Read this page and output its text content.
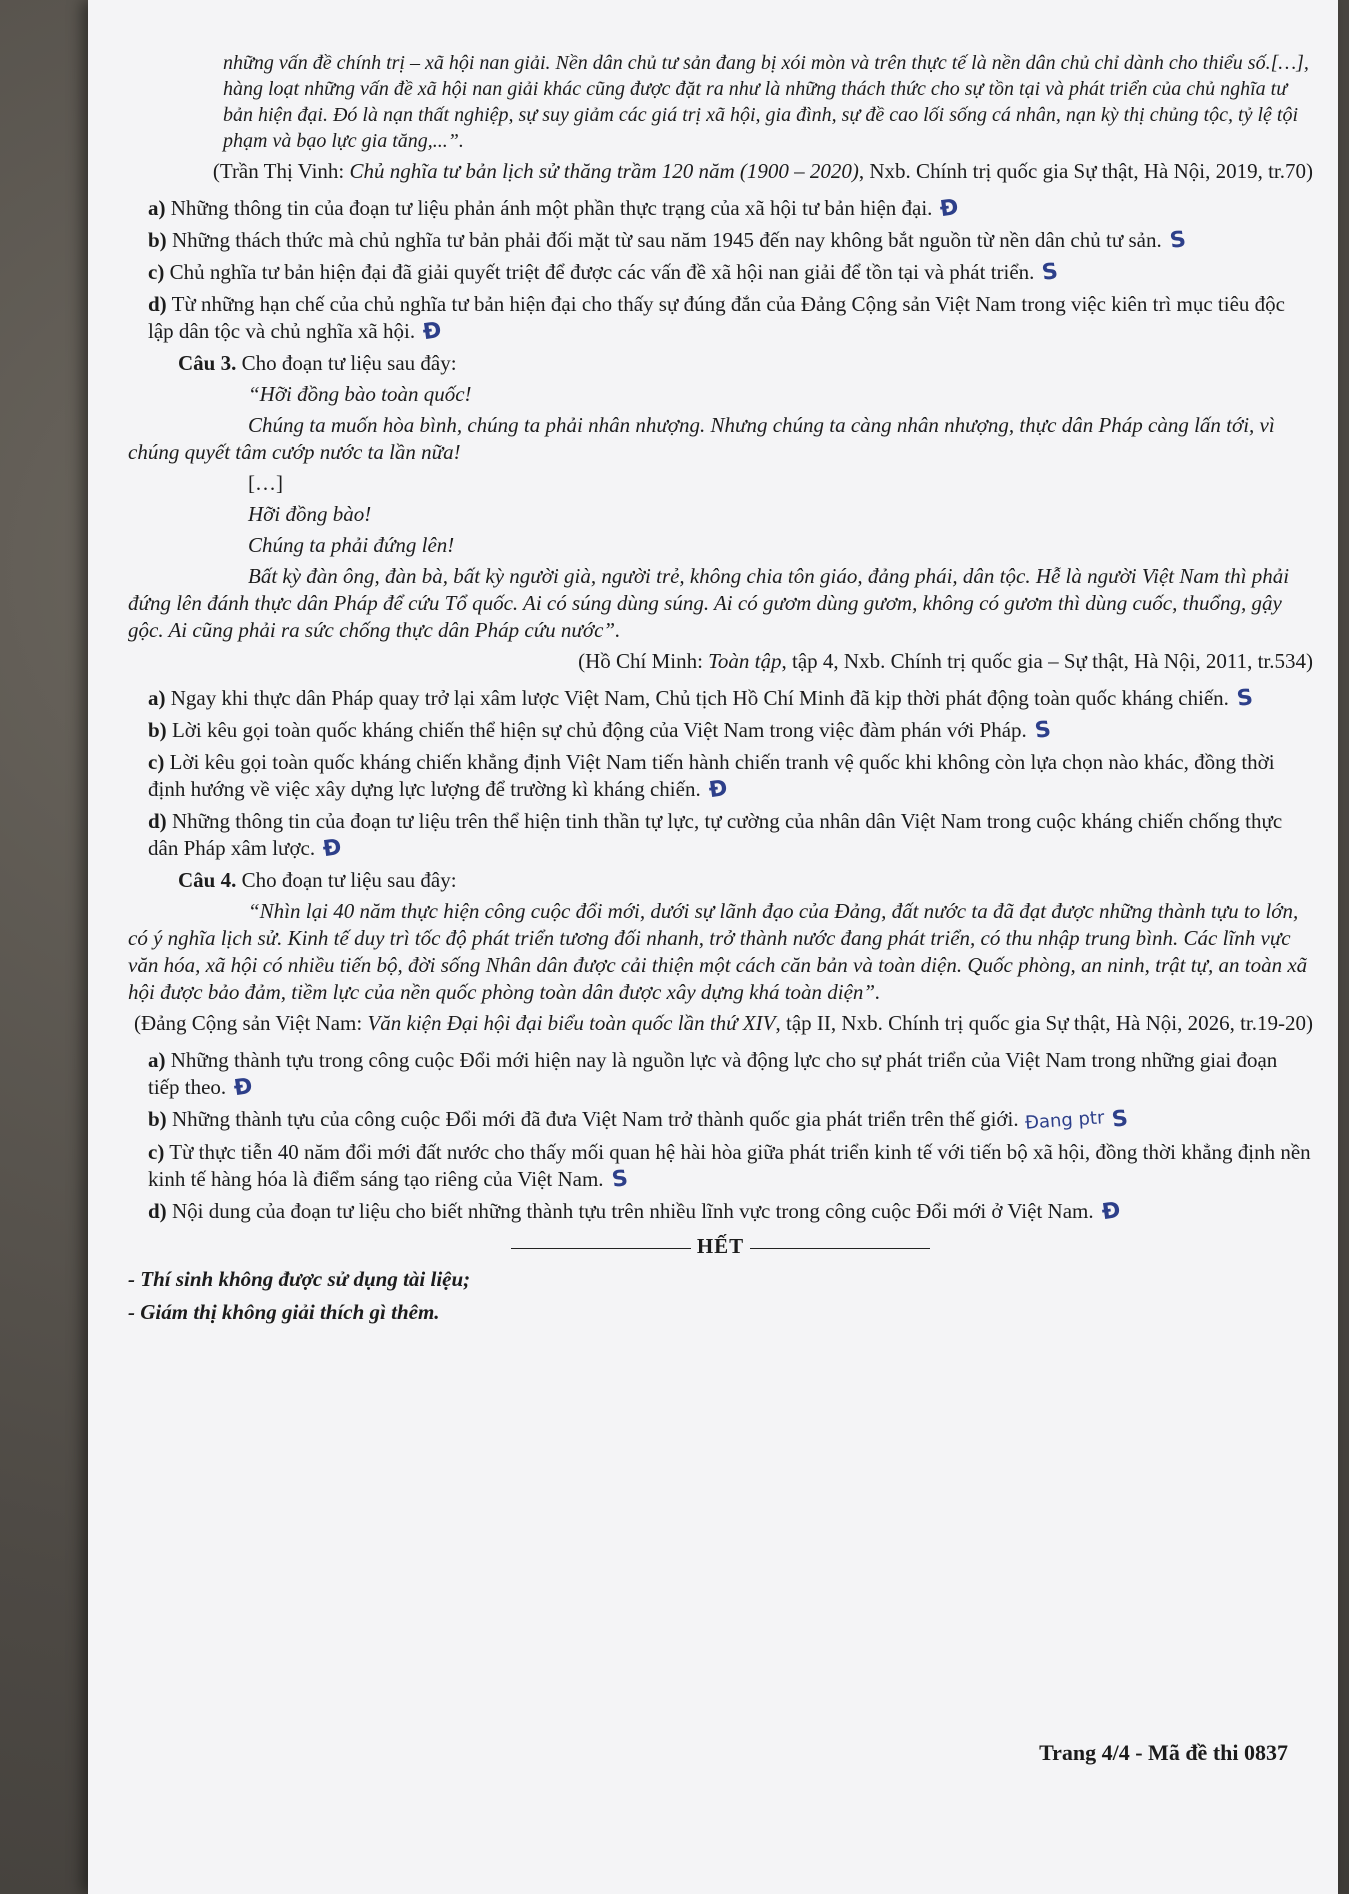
những vấn đề chính trị – xã hội nan giải. Nền dân chủ tư sản đang bị xói mòn và trên thực tế là nền dân chủ chỉ dành cho thiểu số.[…], hàng loạt những vấn đề xã hội nan giải khác cũng được đặt ra như là những thách thức cho sự tồn tại và phát triển của chủ nghĩa tư bản hiện đại. Đó là nạn thất nghiệp, sự suy giảm các giá trị xã hội, gia đình, sự đề cao lối sống cá nhân, nạn kỳ thị chủng tộc, tỷ lệ tội phạm và bạo lực gia tăng,...”.

(Trần Thị Vinh: Chủ nghĩa tư bản lịch sử thăng trầm 120 năm (1900 – 2020), Nxb. Chính trị quốc gia Sự thật, Hà Nội, 2019, tr.70)

a) Những thông tin của đoạn tư liệu phản ánh một phần thực trạng của xã hội tư bản hiện đại. Đ

b) Những thách thức mà chủ nghĩa tư bản phải đối mặt từ sau năm 1945 đến nay không bắt nguồn từ nền dân chủ tư sản. S

c) Chủ nghĩa tư bản hiện đại đã giải quyết triệt để được các vấn đề xã hội nan giải để tồn tại và phát triển. S

d) Từ những hạn chế của chủ nghĩa tư bản hiện đại cho thấy sự đúng đắn của Đảng Cộng sản Việt Nam trong việc kiên trì mục tiêu độc lập dân tộc và chủ nghĩa xã hội. Đ

Câu 3. Cho đoạn tư liệu sau đây:

“Hỡi đồng bào toàn quốc!

Chúng ta muốn hòa bình, chúng ta phải nhân nhượng. Nhưng chúng ta càng nhân nhượng, thực dân Pháp càng lấn tới, vì chúng quyết tâm cướp nước ta lần nữa!

[…]

Hỡi đồng bào!

Chúng ta phải đứng lên!

Bất kỳ đàn ông, đàn bà, bất kỳ người già, người trẻ, không chia tôn giáo, đảng phái, dân tộc. Hễ là người Việt Nam thì phải đứng lên đánh thực dân Pháp để cứu Tổ quốc. Ai có súng dùng súng. Ai có gươm dùng gươm, không có gươm thì dùng cuốc, thuổng, gậy gộc. Ai cũng phải ra sức chống thực dân Pháp cứu nước”.

(Hồ Chí Minh: Toàn tập, tập 4, Nxb. Chính trị quốc gia – Sự thật, Hà Nội, 2011, tr.534)

a) Ngay khi thực dân Pháp quay trở lại xâm lược Việt Nam, Chủ tịch Hồ Chí Minh đã kịp thời phát động toàn quốc kháng chiến. S

b) Lời kêu gọi toàn quốc kháng chiến thể hiện sự chủ động của Việt Nam trong việc đàm phán với Pháp. S

c) Lời kêu gọi toàn quốc kháng chiến khẳng định Việt Nam tiến hành chiến tranh vệ quốc khi không còn lựa chọn nào khác, đồng thời định hướng về việc xây dựng lực lượng để trường kì kháng chiến. Đ

d) Những thông tin của đoạn tư liệu trên thể hiện tinh thần tự lực, tự cường của nhân dân Việt Nam trong cuộc kháng chiến chống thực dân Pháp xâm lược. Đ

Câu 4. Cho đoạn tư liệu sau đây:

“Nhìn lại 40 năm thực hiện công cuộc đổi mới, dưới sự lãnh đạo của Đảng, đất nước ta đã đạt được những thành tựu to lớn, có ý nghĩa lịch sử. Kinh tế duy trì tốc độ phát triển tương đối nhanh, trở thành nước đang phát triển, có thu nhập trung bình. Các lĩnh vực văn hóa, xã hội có nhiều tiến bộ, đời sống Nhân dân được cải thiện một cách căn bản và toàn diện. Quốc phòng, an ninh, trật tự, an toàn xã hội được bảo đảm, tiềm lực của nền quốc phòng toàn dân được xây dựng khá toàn diện”.

(Đảng Cộng sản Việt Nam: Văn kiện Đại hội đại biểu toàn quốc lần thứ XIV, tập II, Nxb. Chính trị quốc gia Sự thật, Hà Nội, 2026, tr.19-20)

a) Những thành tựu trong công cuộc Đổi mới hiện nay là nguồn lực và động lực cho sự phát triển của Việt Nam trong những giai đoạn tiếp theo. Đ

b) Những thành tựu của công cuộc Đổi mới đã đưa Việt Nam trở thành quốc gia phát triển trên thế giới. Đang ptr S

c) Từ thực tiễn 40 năm đổi mới đất nước cho thấy mối quan hệ hài hòa giữa phát triển kinh tế với tiến bộ xã hội, đồng thời khẳng định nền kinh tế hàng hóa là điểm sáng tạo riêng của Việt Nam. S

d) Nội dung của đoạn tư liệu cho biết những thành tựu trên nhiều lĩnh vực trong công cuộc Đổi mới ở Việt Nam. Đ

HẾT

- Thí sinh không được sử dụng tài liệu;

- Giám thị không giải thích gì thêm.

Trang 4/4 - Mã đề thi 0837
